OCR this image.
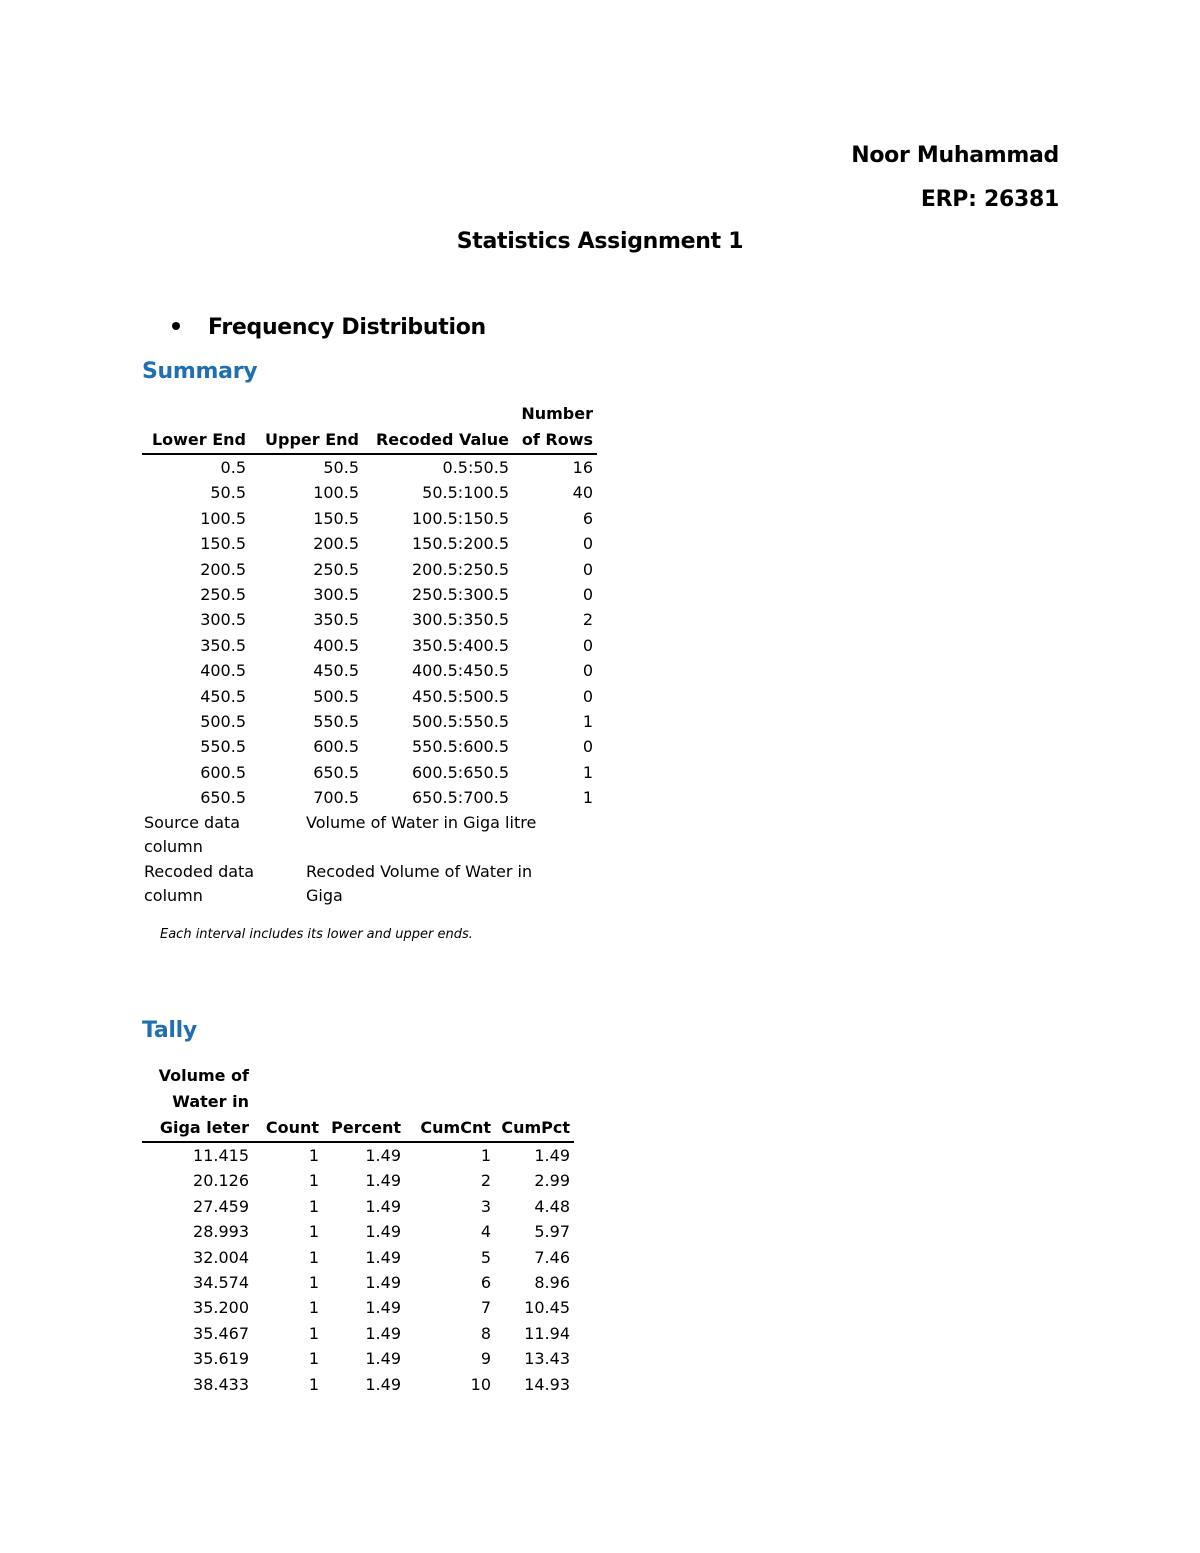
Noor Muhammad
ERP: 26381
Statistics Assignment 1
Frequency Distribution
Summary
			Number
Lower End	Upper End	Recoded Value	of Rows
0.5	50.5	0.5:50.5	16
50.5	100.5	50.5:100.5	40
100.5	150.5	100.5:150.5	6
150.5	200.5	150.5:200.5	0
200.5	250.5	200.5:250.5	0
250.5	300.5	250.5:300.5	0
300.5	350.5	300.5:350.5	2
350.5	400.5	350.5:400.5	0
400.5	450.5	400.5:450.5	0
450.5	500.5	450.5:500.5	0
500.5	550.5	500.5:550.5	1
550.5	600.5	550.5:600.5	0
600.5	650.5	600.5:650.5	1
650.5	700.5	650.5:700.5	1
Source data column
Volume of Water in Giga litre
Recoded data column
Recoded Volume of Water in Giga
Each interval includes its lower and upper ends.
Tally
Volume of				
Water in				
Giga leter	Count	Percent	CumCnt	CumPct
11.415	1	1.49	1	1.49
20.126	1	1.49	2	2.99
27.459	1	1.49	3	4.48
28.993	1	1.49	4	5.97
32.004	1	1.49	5	7.46
34.574	1	1.49	6	8.96
35.200	1	1.49	7	10.45
35.467	1	1.49	8	11.94
35.619	1	1.49	9	13.43
38.433	1	1.49	10	14.93
